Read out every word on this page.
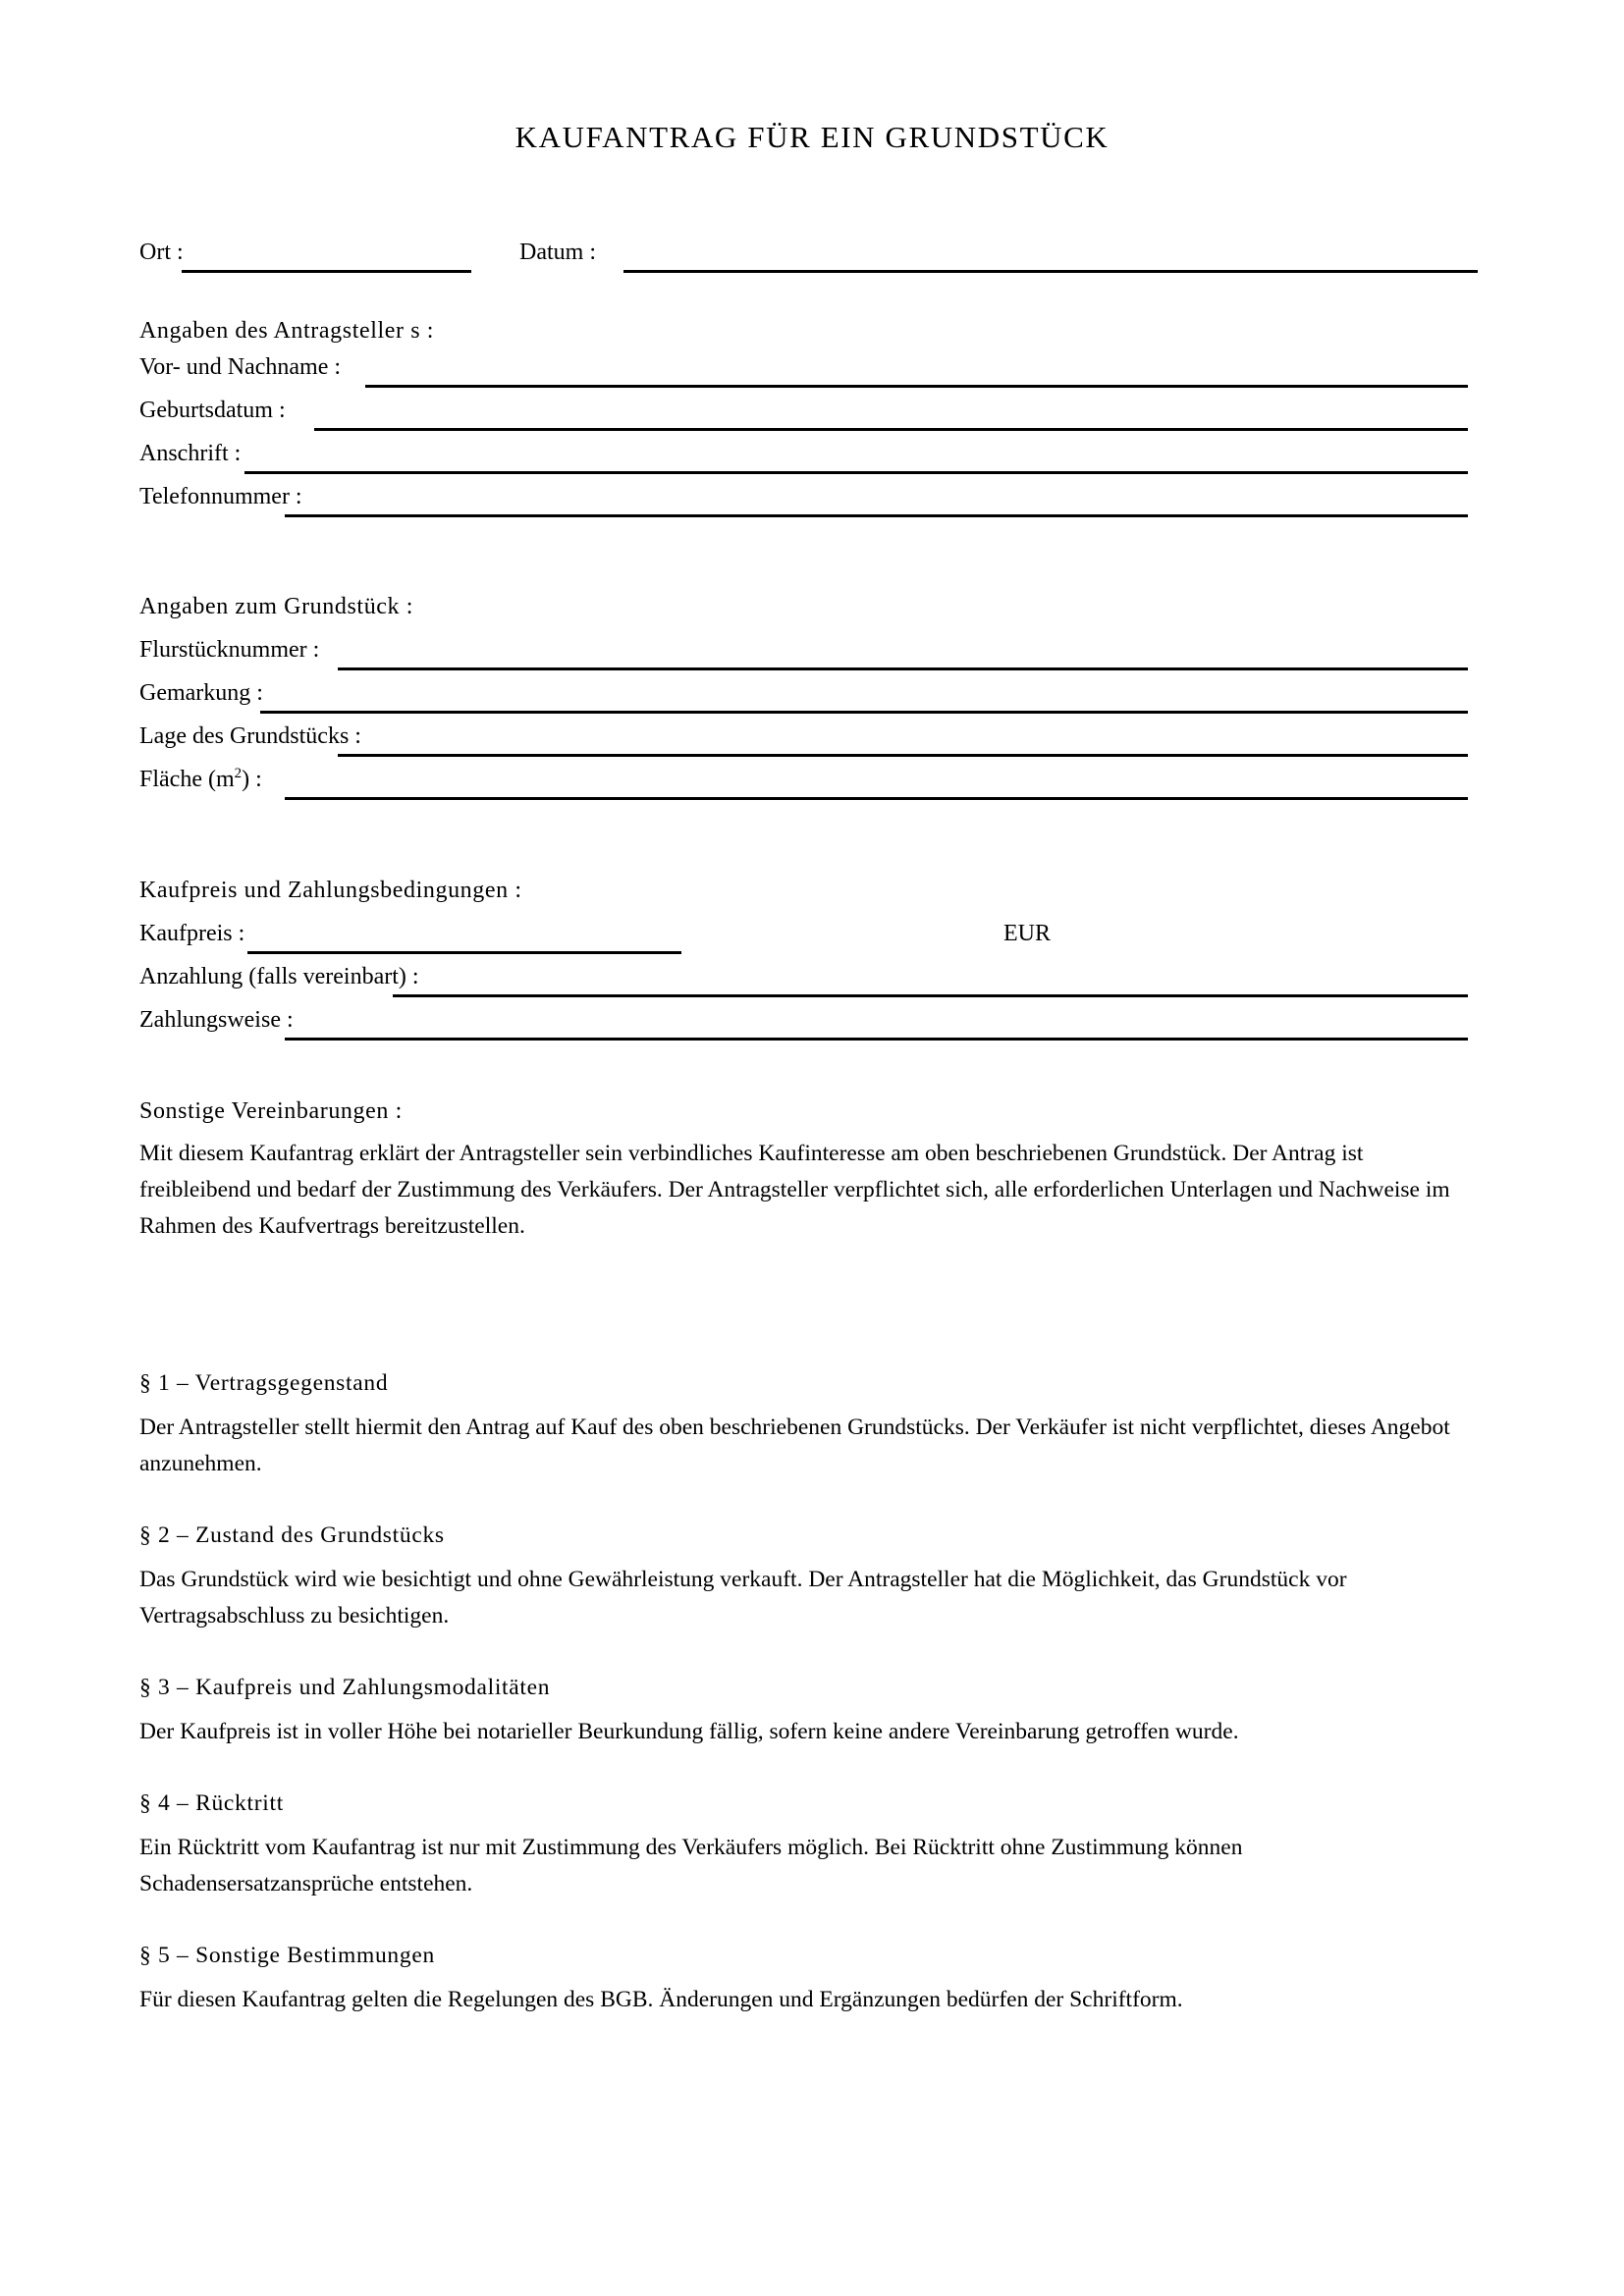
KAUFANTRAG FÜR EIN GRUNDSTÜCK
Ort :	Datum :
Angaben des Antragsteller s :
Vor- und Nachname :
Geburtsdatum :
Anschrift :
Telefonnummer :
Angaben zum Grundstück :
Flurstücknummer :
Gemarkung :
Lage des Grundstücks :
Fläche $(m^2)$ :
Kaufpreis und Zahlungsbedingungen :
Kaufpreis :	EUR
Anzahlung (falls vereinbart) :
Zahlungsweise :
Sonstige Vereinbarungen :
Mit diesem Kaufantrag erklärt der Antragsteller sein verbindliches Kaufinteresse am oben beschriebenen Grundstück. Der Antrag ist freibleibend und bedarf der Zustimmung des Verkäufers. Der Antragsteller verpflichtet sich, alle erforderlichen Unterlagen und Nachweise im Rahmen des Kaufvertrags bereitzustellen.
§ 1 – Vertragsgegenstand
Der Antragsteller stellt hiermit den Antrag auf Kauf des oben beschriebenen Grundstücks. Der Verkäufer ist nicht verpflichtet, dieses Angebot anzunehmen.
§ 2 – Zustand des Grundstücks
Das Grundstück wird wie besichtigt und ohne Gewährleistung verkauft. Der Antragsteller hat die Möglichkeit, das Grundstück vor Vertragsabschluss zu besichtigen.
§ 3 – Kaufpreis und Zahlungsmodalitäten
Der Kaufpreis ist in voller Höhe bei notarieller Beurkundung fällig, sofern keine andere Vereinbarung getroffen wurde.
§ 4 – Rücktritt
Ein Rücktritt vom Kaufantrag ist nur mit Zustimmung des Verkäufers möglich. Bei Rücktritt ohne Zustimmung können Schadensersatzansprüche entstehen.
§ 5 – Sonstige Bestimmungen
Für diesen Kaufantrag gelten die Regelungen des BGB. Änderungen und Ergänzungen bedürfen der Schriftform.
